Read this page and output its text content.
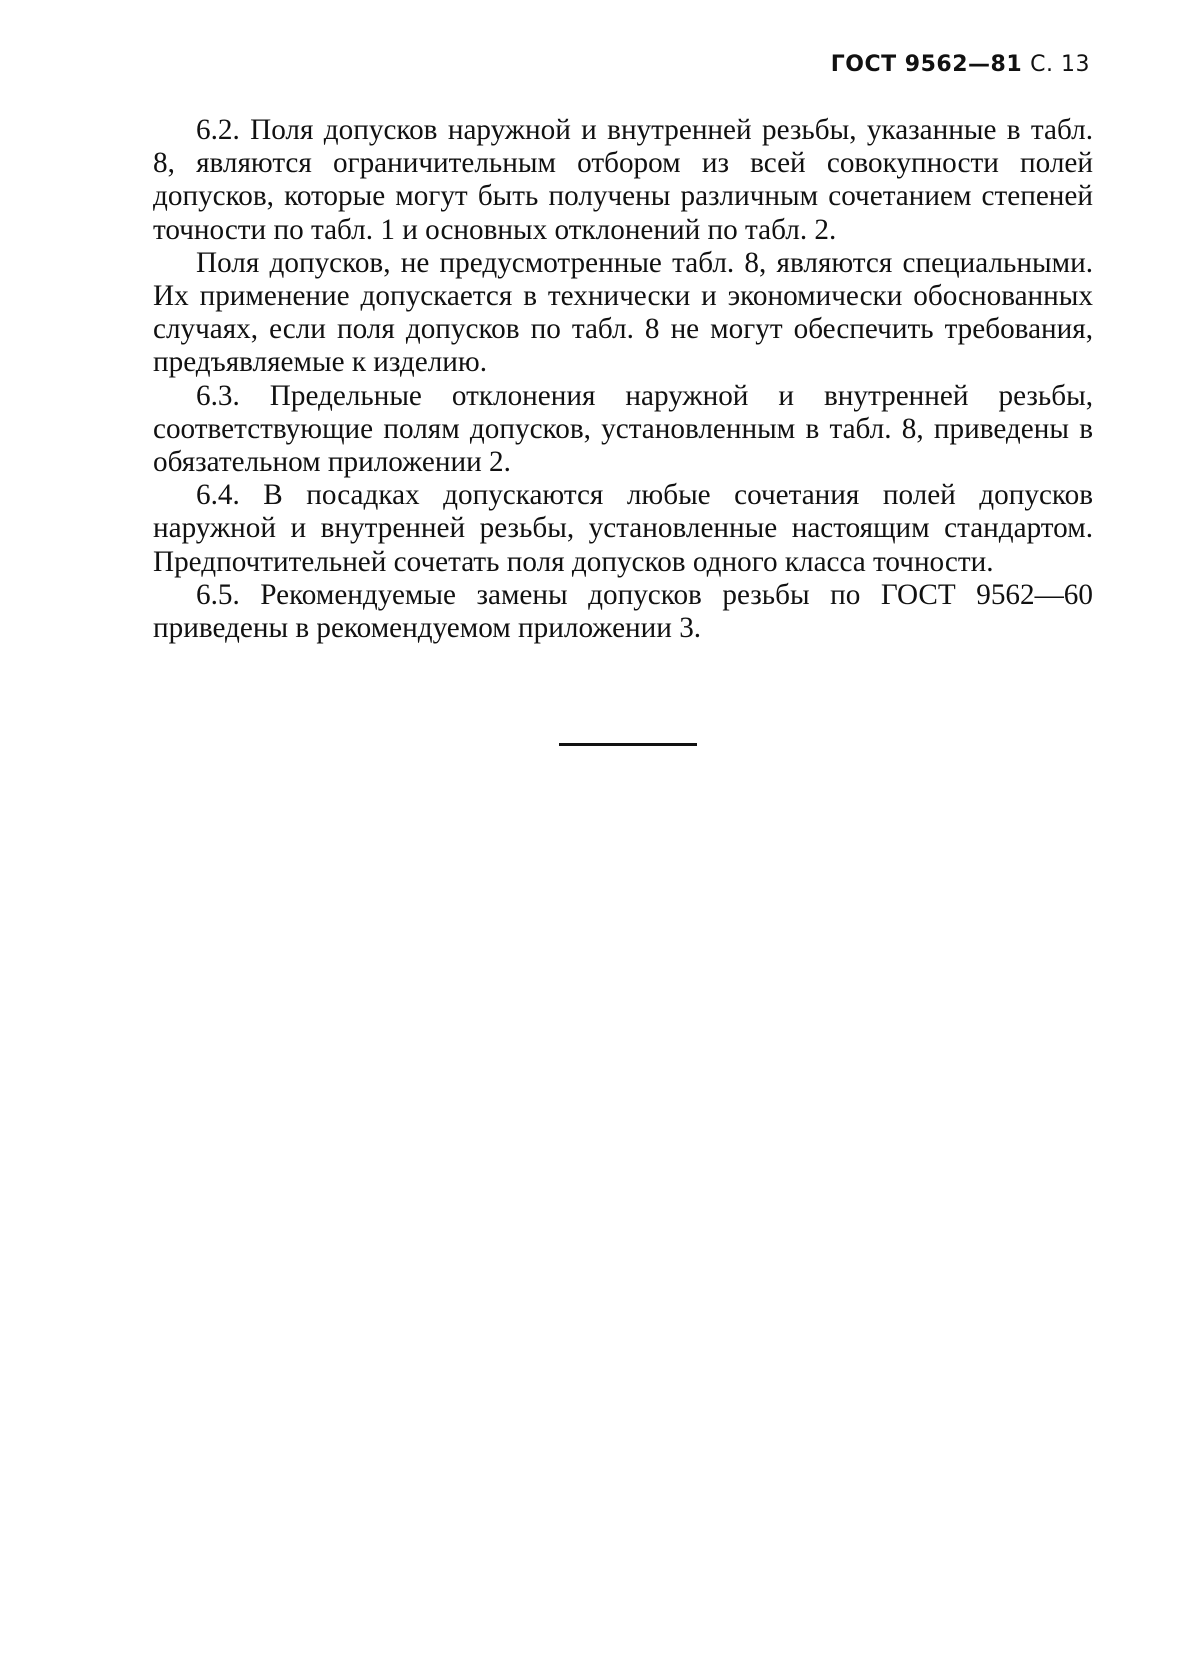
ГОСТ 9562—81 С. 13

6.2. Поля допусков наружной и внутренней резьбы, указанные в табл. 8, являются ограничительным отбором из всей совокупности полей допусков, которые могут быть получены различным сочетанием степеней точности по табл. 1 и основных отклонений по табл. 2.

Поля допусков, не предусмотренные табл. 8, являются специальными. Их применение допускается в технически и экономически обоснованных случаях, если поля допусков по табл. 8 не могут обеспечить требования, предъявляемые к изделию.

6.3. Предельные отклонения наружной и внутренней резьбы, соответствующие полям допусков, установленным в табл. 8, приведены в обязательном приложении 2.

6.4. В посадках допускаются любые сочетания полей допусков наружной и внутренней резьбы, установленные настоящим стандартом. Предпочтительней сочетать поля допусков одного класса точности.

6.5. Рекомендуемые замены допусков резьбы по ГОСТ 9562—60 приведены в рекомендуемом приложении 3.
